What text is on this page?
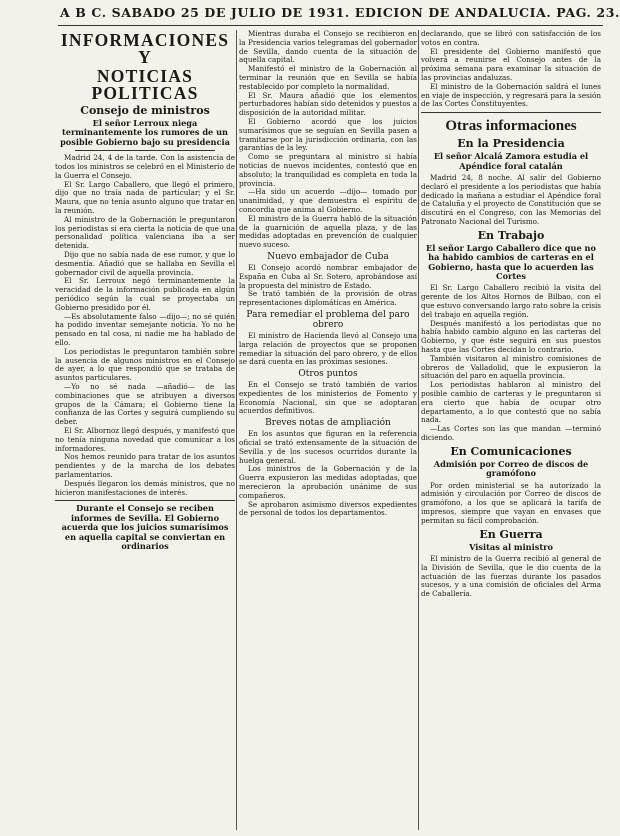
A B C. SABADO 25 DE JULIO DE 1931. EDICION DE ANDALUCIA. PAG. 23.
INFORMACIONES Y
NOTICIAS POLITICAS
Consejo de ministros
El señor Lerroux niega terminantemente los rumores de un posible Gobierno bajo su presidencia

Madrid 24, 4 de la tarde. Con la asistencia de todos los ministros se celebró en el Ministerio de la Guerra el Consejo.

El Sr. Largo Caballero, que llegó el primero, dijo que no traía nada de particular; y el Sr. Maura, que no tenía asunto alguno que tratar en la reunión.

Al ministro de la Gobernación le preguntaron los periodistas si era cierta la noticia de que una personalidad política valenciana iba a ser detenida.

Dijo que no sabía nada de ese rumor, y que lo desmentía. Añadió que se hallaba en Sevilla el gobernador civil de aquella provincia.

El Sr. Lerroux negó terminantemente la veracidad de la información publicada en algún periódico según la cual se proyectaba un Gobierno presidido por él.

—Es absolutamente falso —dijo—; no sé quién ha podido inventar semejante noticia. Yo no he pensado en tal cosa, ni nadie me ha hablado de ello.

Los periodistas le preguntaron también sobre la ausencia de algunos ministros en el Consejo de ayer, a lo que respondió que se trataba de asuntos particulares.

—Yo no sé nada —añadió— de las combinaciones que se atribuyen a diversos grupos de la Cámara; el Gobierno tiene la confianza de las Cortes y seguirá cumpliendo su deber.

El Sr. Albornoz llegó después, y manifestó que no tenía ninguna novedad que comunicar a los informadores.

Nos hemos reunido para tratar de los asuntos pendientes y de la marcha de los debates parlamentarios.

Después llegaron los demás ministros, que no hicieron manifestaciones de interés.

Durante el Consejo se reciben informes de Sevilla. El Gobierno acuerda que los juicios sumarísimos en aquella capital se conviertan en ordinarios

Mientras duraba el Consejo se recibieron en la Presidencia varios telegramas del gobernador de Sevilla, dando cuenta de la situación de aquella capital.

Manifestó el ministro de la Gobernación al terminar la reunión que en Sevilla se había restablecido por completo la normalidad.

El Sr. Maura añadió que los elementos perturbadores habían sido detenidos y puestos a disposición de la autoridad militar.

El Gobierno acordó que los juicios sumarísimos que se seguían en Sevilla pasen a tramitarse por la jurisdicción ordinaria, con las garantías de la ley.

Como se preguntara al ministro si había noticias de nuevos incidentes, contestó que en absoluto; la tranquilidad es completa en toda la provincia.

—Ha sido un acuerdo —dijo— tomado por unanimidad, y que demuestra el espíritu de concordia que anima al Gobierno.

El ministro de la Guerra habló de la situación de la guarnición de aquella plaza, y de las medidas adoptadas en prevención de cualquier nuevo suceso.

Nuevo embajador de Cuba

El Consejo acordó nombrar embajador de España en Cuba al Sr. Sotero, aprobándose así la propuesta del ministro de Estado.

Se trató también de la provisión de otras representaciones diplomáticas en América.

Para remediar el problema del paro obrero

El ministro de Hacienda llevó al Consejo una larga relación de proyectos que se proponen remediar la situación del paro obrero, y de ellos se dará cuenta en las próximas sesiones.

Otros puntos

En el Consejo se trató también de varios expedientes de los ministerios de Fomento y Economía Nacional, sin que se adoptaran acuerdos definitivos.

Breves notas de ampliación

En los asuntos que figuran en la referencia oficial se trató extensamente de la situación de Sevilla y de los sucesos ocurridos durante la huelga general.

Los ministros de la Gobernación y de la Guerra expusieron las medidas adoptadas, que merecieron la aprobación unánime de sus compañeros.

Se aprobaron asimismo diversos expedientes de personal de todos los departamentos.

declarando, que se libró con satisfacción de los votos en contra.

El presidente del Gobierno manifestó que volverá a reunirse el Consejo antes de la próxima semana para examinar la situación de las provincias andaluzas.

El ministro de la Gobernación saldrá el lunes en viaje de inspección, y regresará para la sesión de las Cortes Constituyentes.

Otras informaciones
En la Presidencia
El señor Alcalá Zamora estudia el Apéndice foral catalán

Madrid 24, 8 noche. Al salir del Gobierno declaró el presidente a los periodistas que había dedicado la mañana a estudiar el Apéndice foral de Cataluña y el proyecto de Constitución que se discutirá en el Congreso, con las Memorias del Patronato Nacional del Turismo.

En Trabajo
El señor Largo Caballero dice que no ha habido cambios de carteras en el Gobierno, hasta que lo acuerden las Cortes

El Sr. Largo Caballero recibió la visita del gerente de los Altos Hornos de Bilbao, con el que estuvo conversando largo rato sobre la crisis del trabajo en aquella región.

Después manifestó a los periodistas que no había habido cambio alguno en las carteras del Gobierno, y que éste seguirá en sus puestos hasta que las Cortes decidan lo contrario.

También visitaron al ministro comisiones de obreros de Valladolid, que le expusieron la situación del paro en aquella provincia.

Los periodistas hablaron al ministro del posible cambio de carteras y le preguntaron si era cierto que había de ocupar otro departamento, a lo que contestó que no sabía nada.

—Las Cortes son las que mandan —terminó diciendo.

En Comunicaciones
Admisión por Correo de discos de gramófono

Por orden ministerial se ha autorizado la admisión y circulación por Correo de discos de gramófono, a los que se aplicará la tarifa de impresos, siempre que vayan en envases que permitan su fácil comprobación.

En Guerra
Visitas al ministro

El ministro de la Guerra recibió al general de la División de Sevilla, que le dio cuenta de la actuación de las fuerzas durante los pasados sucesos, y a una comisión de oficiales del Arma de Caballería.
